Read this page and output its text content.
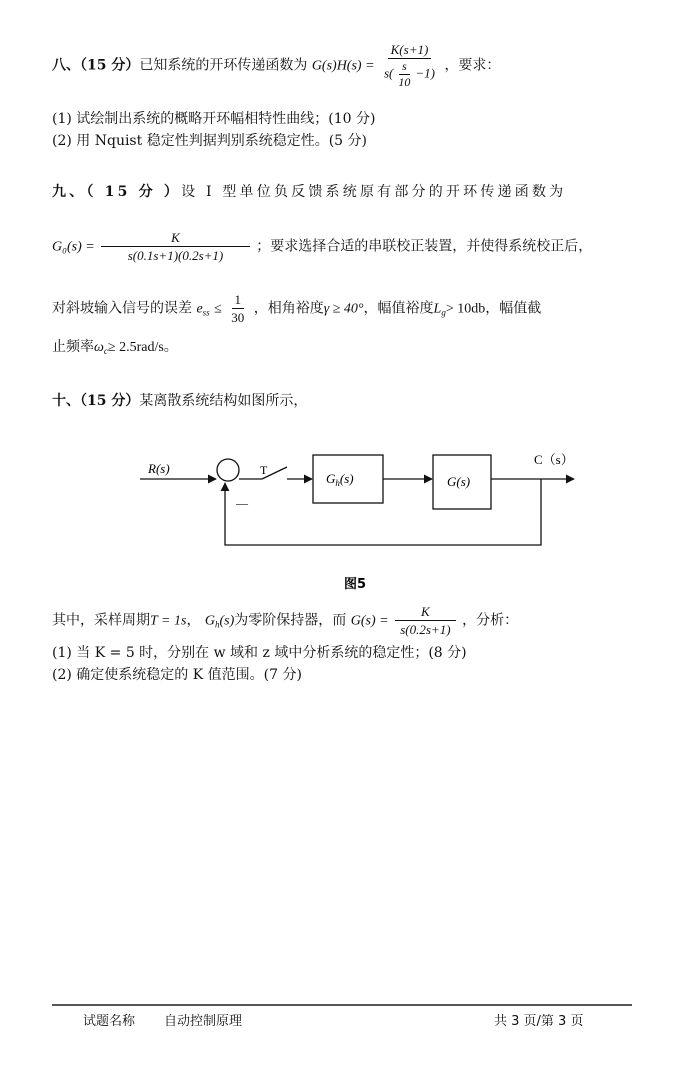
八、（15 分）已知系统的开环传递函数为 $G(s)H(s) = \frac{K(s+1)}{s( \frac{s}{10} -1)}$ ，要求：
(1) 试绘制出系统的概略开环幅相特性曲线；(10 分)
(2) 用 Nquist 稳定性判据判别系统稳定性。(5 分)
九、（ 15 分 ）设 Ⅰ 型单位负反馈系统原有部分的开环传递函数为
$G_0(s) = \frac{K}{s(0.1s+1)(0.2s+1)}$ ；要求选择合适的串联校正装置，并使得系统校正后，
对斜坡输入信号的误差 $e_{ss} \le \frac{1}{30}$ ，相角裕度γ ≥ 40°，幅值裕度$L_g> 10db$，幅值截
止频率$\omega_c\ge 2.5rad/s$。
十、（15 分）某离散系统结构如图所示，
R(s)	T
$G_h(s)$	G(s)
C（s）
—
图5
其中，采样周期T = 1s， $G_h(s)$为零阶保持器，而 $G(s) = \frac{K}{s(0.2s+1)}$ ，分析：
(1) 当 K = 5 时，分别在 w 域和 z 域中分析系统的稳定性；(8 分)
(2) 确定使系统稳定的 K 值范围。(7 分)
试题名称 自动控制原理	共 3 页/第 3 页
